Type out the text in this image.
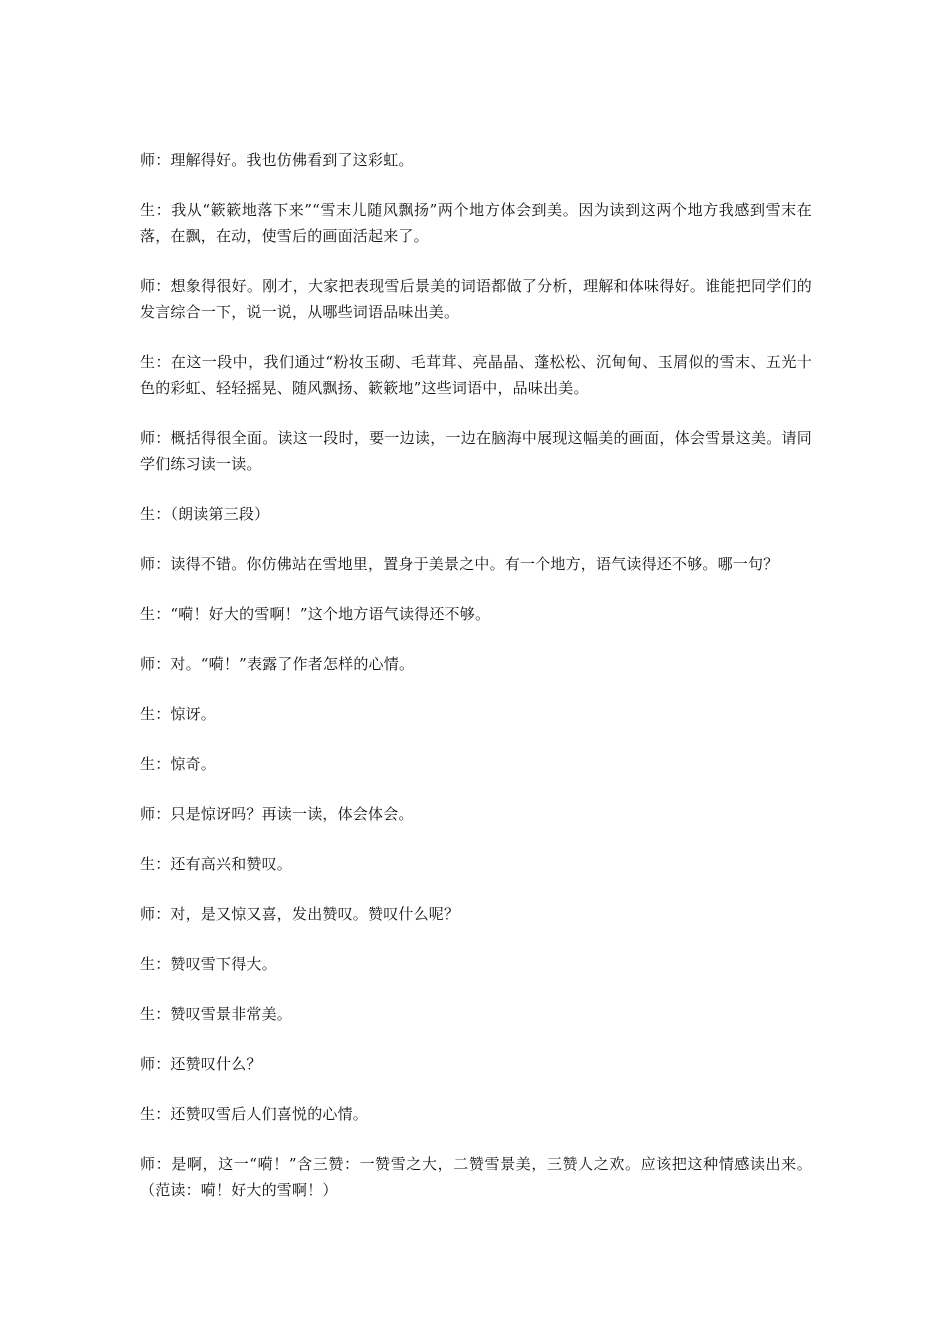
师：理解得好。我也仿佛看到了这彩虹。

生：我从“簌簌地落下来”“雪末儿随风飘扬”两个地方体会到美。因为读到这两个地方我感到雪末在落，在飘，在动，使雪后的画面活起来了。

师：想象得很好。刚才，大家把表现雪后景美的词语都做了分析，理解和体味得好。谁能把同学们的发言综合一下，说一说，从哪些词语品味出美。

生：在这一段中，我们通过“粉妆玉砌、毛茸茸、亮晶晶、蓬松松、沉甸甸、玉屑似的雪末、五光十色的彩虹、轻轻摇晃、随风飘扬、簌簌地”这些词语中，品味出美。

师：概括得很全面。读这一段时，要一边读，一边在脑海中展现这幅美的画面，体会雪景这美。请同学们练习读一读。

生：（朗读第三段）

师：读得不错。你仿佛站在雪地里，置身于美景之中。有一个地方，语气读得还不够。哪一句？

生：“嗬！好大的雪啊！”这个地方语气读得还不够。

师：对。“嗬！”表露了作者怎样的心情。

生：惊讶。

生：惊奇。

师：只是惊讶吗？再读一读，体会体会。

生：还有高兴和赞叹。

师：对，是又惊又喜，发出赞叹。赞叹什么呢？

生：赞叹雪下得大。

生：赞叹雪景非常美。

师：还赞叹什么？

生：还赞叹雪后人们喜悦的心情。

师：是啊，这一“嗬！”含三赞：一赞雪之大，二赞雪景美，三赞人之欢。应该把这种情感读出来。（范读：嗬！好大的雪啊！）
